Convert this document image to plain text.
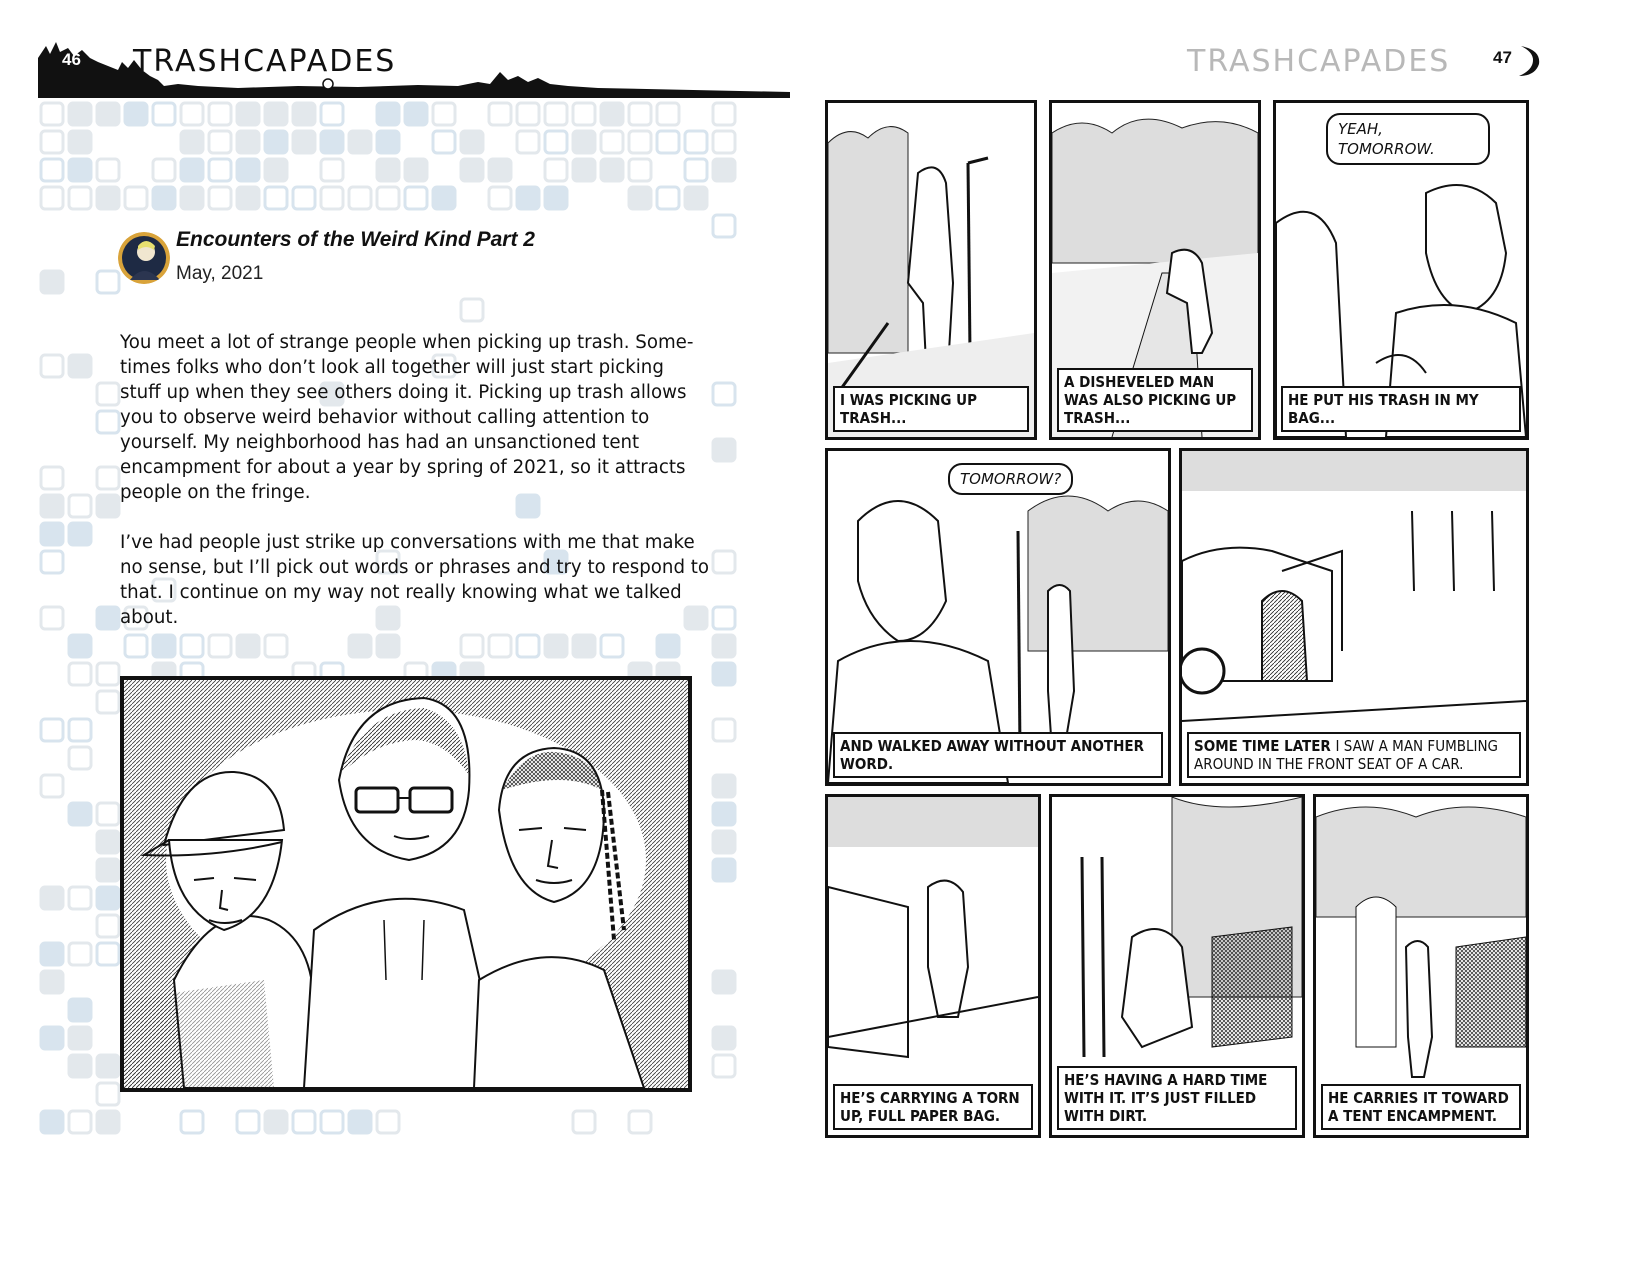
46 TRASHCAPADES
Encounters of the Weird Kind Part 2
May, 2021

You meet a lot of strange people when picking up trash. Some-times folks who don’t look all together will just start picking stuff up when they see others doing it. Picking up trash allows you to observe weird behavior without calling attention to yourself. My neighborhood has had an unsanctioned tent encampment for about a year by spring of 2021, so it attracts people on the fringe.

I’ve had people just strike up conversations with me that make no sense, but I’ll pick out words or phrases and try to respond to that. I continue on my way not really knowing what we talked about.

TRASHCAPADES	47
I WAS PICKING UP TRASH...
A DISHEVELED MAN WAS ALSO PICKING UP TRASH...
YEAH, TOMORROW.
HE PUT HIS TRASH IN MY BAG...
TOMORROW?
AND WALKED AWAY WITHOUT ANOTHER WORD.
SOME TIME LATER I SAW A MAN FUMBLING AROUND IN THE FRONT SEAT OF A CAR.
HE’S CARRYING A TORN UP, FULL PAPER BAG.
HE’S HAVING A HARD TIME WITH IT. IT’S JUST FILLED WITH DIRT.
HE CARRIES IT TOWARD A TENT ENCAMPMENT.
